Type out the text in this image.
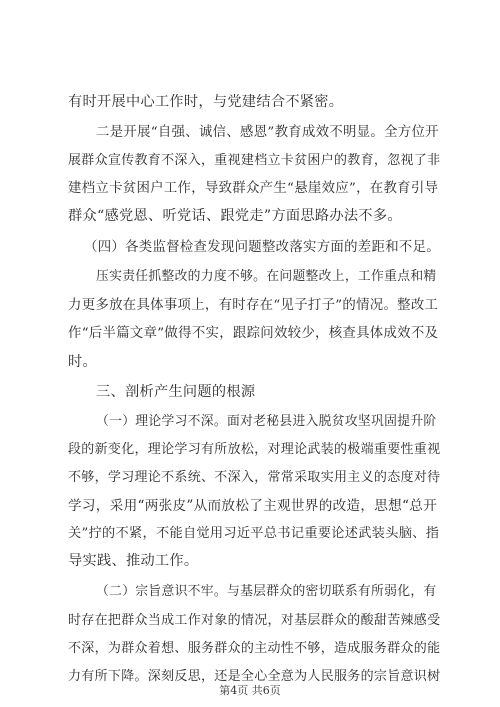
有时开展中心工作时，与党建结合不紧密。
二是开展“自强、诚信、感恩”教育成效不明显。全方位开
展群众宣传教育不深入，重视建档立卡贫困户的教育，忽视了非
建档立卡贫困户工作，导致群众产生“悬崖效应”，在教育引导
群众“感党恩、听党话、跟党走”方面思路办法不多。
（四）各类监督检查发现问题整改落实方面的差距和不足。
压实责任抓整改的力度不够。在问题整改上，工作重点和精
力更多放在具体事项上，有时存在“见子打子”的情况。整改工
作“后半篇文章”做得不实，跟踪问效较少，核查具体成效不及
时。
三、剖析产生问题的根源
（一）理论学习不深。面对老秘县进入脱贫攻坚巩固提升阶
段的新变化，理论学习有所放松，对理论武装的极端重要性重视
不够，学习理论不系统、不深入，常常采取实用主义的态度对待
学习，采用“两张皮”从而放松了主观世界的改造，思想“总开
关”拧的不紧，不能自觉用习近平总书记重要论述武装头脑、指
导实践、推动工作。
（二）宗旨意识不牢。与基层群众的密切联系有所弱化，有
时存在把群众当成工作对象的情况，对基层群众的酸甜苦辣感受
不深，为群众着想、服务群众的主动性不够，造成服务群众的能
力有所下降。深刻反思，还是全心全意为人民服务的宗旨意识树
第4页 共6页
